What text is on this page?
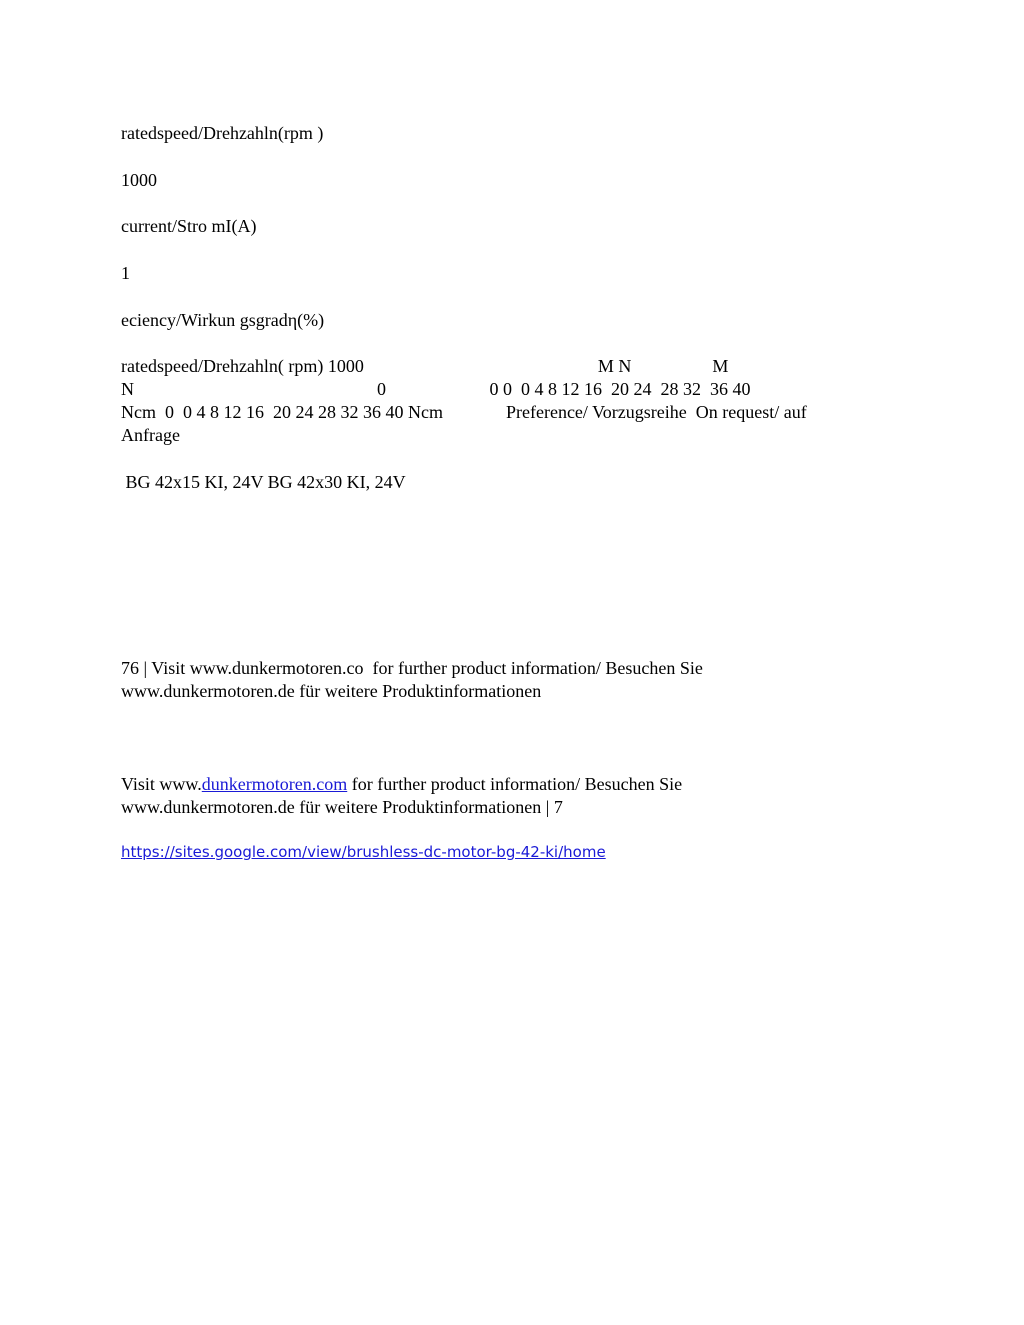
ratedspeed/Drehzahln(rpm )

1000

current/Stro mI(A)

1

eciency/Wirkun gsgradη(%)

ratedspeed/Drehzahln( rpm) 1000                                                    M N                  M

N                                                      0                       0 0  0 4 8 12 16  20 24  28 32  36 40

Ncm  0  0 4 8 12 16  20 24 28 32 36 40 Ncm              Preference/ Vorzugsreihe  On request/ auf

Anfrage

BG 42x15 KI, 24V BG 42x30 KI, 24V

76 | Visit www.dunkermotoren.co  for further product information/ Besuchen Sie

www.dunkermotoren.de für weitere Produktinformationen

Visit www.dunkermotoren.com for further product information/ Besuchen Sie

www.dunkermotoren.de für weitere Produktinformationen | 7

https://sites.google.com/view/brushless-dc-motor-bg-42-ki/home
